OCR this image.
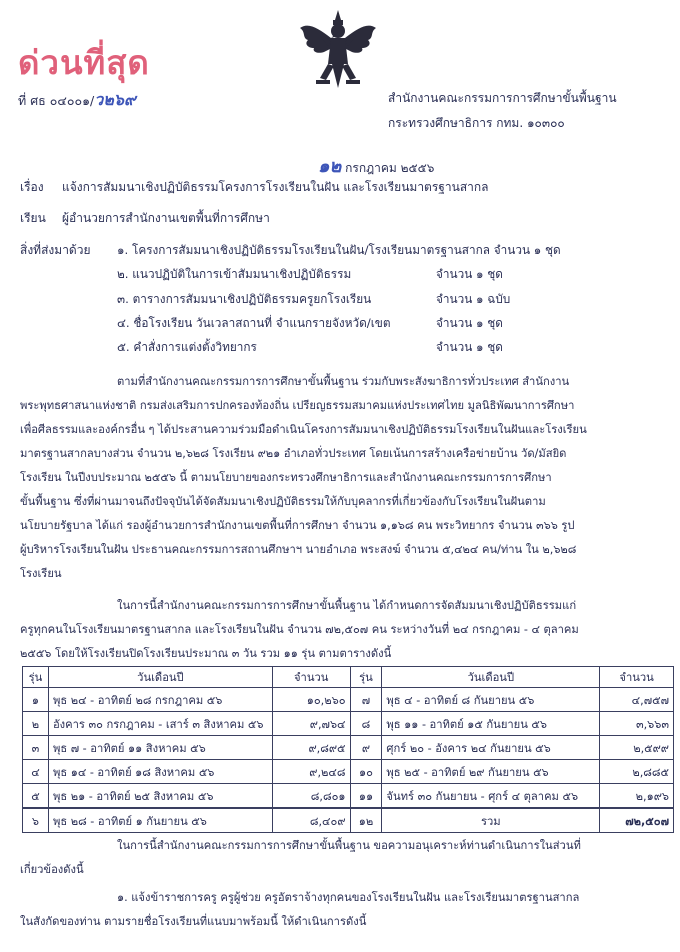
ด่วนที่สุด
ที่ ศธ ๐๔๐๐๑/ว๒๖๙	สำนักงานคณะกรรมการการศึกษาขั้นพื้นฐาน
กระทรวงศึกษาธิการ กทม. ๑๐๓๐๐
๑๒ กรกฎาคม ๒๕๕๖
เรื่อง แจ้งการสัมมนาเชิงปฏิบัติธรรมโครงการโรงเรียนในฝัน และโรงเรียนมาตรฐานสากล
เรียน ผู้อำนวยการสำนักงานเขตพื้นที่การศึกษา
สิ่งที่ส่งมาด้วย ๑. โครงการสัมมนาเชิงปฏิบัติธรรมโรงเรียนในฝัน/โรงเรียนมาตรฐานสากล จำนวน ๑ ชุด
๒. แนวปฏิบัติในการเข้าสัมมนาเชิงปฏิบัติธรรม	จำนวน ๑ ชุด
๓. ตารางการสัมมนาเชิงปฏิบัติธรรมครูยกโรงเรียน	จำนวน ๑ ฉบับ
๔. ชื่อโรงเรียน วันเวลาสถานที่ จำแนกรายจังหวัด/เขต	จำนวน ๑ ชุด
๕. คำสั่งการแต่งตั้งวิทยากร	จำนวน ๑ ชุด
ตามที่สำนักงานคณะกรรมการการศึกษาขั้นพื้นฐาน ร่วมกับพระสังฆาธิการทั่วประเทศ สำนักงาน
พระพุทธศาสนาแห่งชาติ กรมส่งเสริมการปกครองท้องถิ่น เปรียญธรรมสมาคมแห่งประเทศไทย มูลนิธิพัฒนาการศึกษา
เพื่อศีลธรรมและองค์กรอื่น ๆ ได้ประสานความร่วมมือดำเนินโครงการสัมมนาเชิงปฏิบัติธรรมโรงเรียนในฝันและโรงเรียน
มาตรฐานสากลบางส่วน จำนวน ๒,๖๒๘ โรงเรียน ๙๒๑ อำเภอทั่วประเทศ โดยเน้นการสร้างเครือข่ายบ้าน วัด/มัสยิด
โรงเรียน ในปีงบประมาณ ๒๕๕๖ นี้ ตามนโยบายของกระทรวงศึกษาธิการและสำนักงานคณะกรรมการการศึกษา
ขั้นพื้นฐาน ซึ่งที่ผ่านมาจนถึงปัจจุบันได้จัดสัมมนาเชิงปฏิบัติธรรมให้กับบุคลากรที่เกี่ยวข้องกับโรงเรียนในฝันตาม
นโยบายรัฐบาล ได้แก่ รองผู้อำนวยการสำนักงานเขตพื้นที่การศึกษา จำนวน ๑,๑๖๘ คน พระวิทยากร จำนวน ๓๖๖ รูป
ผู้บริหารโรงเรียนในฝัน ประธานคณะกรรมการสถานศึกษาฯ นายอำเภอ พระสงฆ์ จำนวน ๕,๔๒๔ คน/ท่าน ใน ๒,๖๒๘
โรงเรียน
ในการนี้สำนักงานคณะกรรมการการศึกษาขั้นพื้นฐาน ได้กำหนดการจัดสัมมนาเชิงปฏิบัติธรรมแก่
ครูทุกคนในโรงเรียนมาตรฐานสากล และโรงเรียนในฝัน จำนวน ๗๒,๕๐๗ คน ระหว่างวันที่ ๒๔ กรกฎาคม - ๔ ตุลาคม
๒๕๕๖ โดยให้โรงเรียนปิดโรงเรียนประมาณ ๓ วัน รวม ๑๑ รุ่น ตามตารางดังนี้
รุ่น	วันเดือนปี	จำนวน	รุ่น	วันเดือนปี	จำนวน
๑	พุธ ๒๔ - อาทิตย์ ๒๘ กรกฎาคม ๕๖	๑๐,๒๖๐	๗	พุธ ๔ - อาทิตย์ ๘ กันยายน ๕๖	๔,๗๕๗
๒	อังคาร ๓๐ กรกฎาคม - เสาร์ ๓ สิงหาคม ๕๖	๙,๗๖๔	๘	พุธ ๑๑ - อาทิตย์ ๑๕ กันยายน ๕๖	๓,๖๖๓
๓	พุธ ๗ - อาทิตย์ ๑๑ สิงหาคม ๕๖	๙,๘๙๕	๙	ศุกร์ ๒๐ - อังคาร ๒๔ กันยายน ๕๖	๒,๕๙๙
๔	พุธ ๑๔ - อาทิตย์ ๑๘ สิงหาคม ๕๖	๙,๒๔๘	๑๐	พุธ ๒๕ - อาทิตย์ ๒๙ กันยายน ๕๖	๒,๘๘๕
๕	พุธ ๒๑ - อาทิตย์ ๒๕ สิงหาคม ๕๖	๘,๘๐๑	๑๑	จันทร์ ๓๐ กันยายน - ศุกร์ ๔ ตุลาคม ๕๖	๒,๑๙๖
๖	พุธ ๒๘ - อาทิตย์ ๑ กันยายน ๕๖	๘,๔๐๙	๑๒	รวม	๗๒,๕๐๗
ในการนี้สำนักงานคณะกรรมการการศึกษาขั้นพื้นฐาน ขอความอนุเคราะห์ท่านดำเนินการในส่วนที่
เกี่ยวข้องดังนี้
๑. แจ้งข้าราชการครู ครูผู้ช่วย ครูอัตราจ้างทุกคนของโรงเรียนในฝัน และโรงเรียนมาตรฐานสากล
ในสังกัดของท่าน ตามรายชื่อโรงเรียนที่แนบมาพร้อมนี้ ให้ดำเนินการดังนี้
